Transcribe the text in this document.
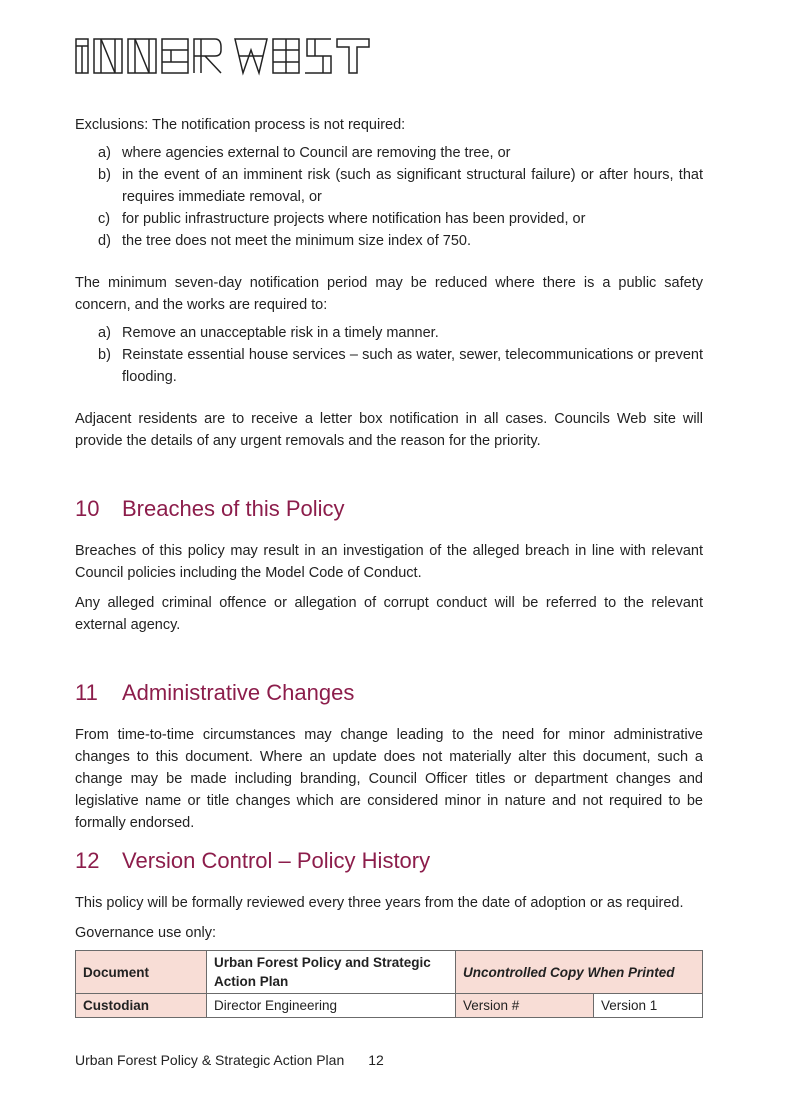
Exclusions: The notification process is not required:

a) where agencies external to Council are removing the tree, or
b) in the event of an imminent risk (such as significant structural failure) or after hours, that requires immediate removal, or
c) for public infrastructure projects where notification has been provided, or
d) the tree does not meet the minimum size index of 750.

The minimum seven-day notification period may be reduced where there is a public safety concern, and the works are required to:

a) Remove an unacceptable risk in a timely manner.
b) Reinstate essential house services – such as water, sewer, telecommunications or prevent flooding.

Adjacent residents are to receive a letter box notification in all cases. Councils Web site will provide the details of any urgent removals and the reason for the priority.

10 Breaches of this Policy

Breaches of this policy may result in an investigation of the alleged breach in line with relevant Council policies including the Model Code of Conduct.

Any alleged criminal offence or allegation of corrupt conduct will be referred to the relevant external agency.

11 Administrative Changes

From time-to-time circumstances may change leading to the need for minor administrative changes to this document. Where an update does not materially alter this document, such a change may be made including branding, Council Officer titles or department changes and legislative name or title changes which are considered minor in nature and not required to be formally endorsed.

12 Version Control – Policy History

This policy will be formally reviewed every three years from the date of adoption or as required.

Governance use only:

Document	Urban Forest Policy and Strategic Action Plan	Uncontrolled Copy When Printed	
Custodian	Director Engineering	Version #	Version 1
Urban Forest Policy & Strategic Action Plan 12
